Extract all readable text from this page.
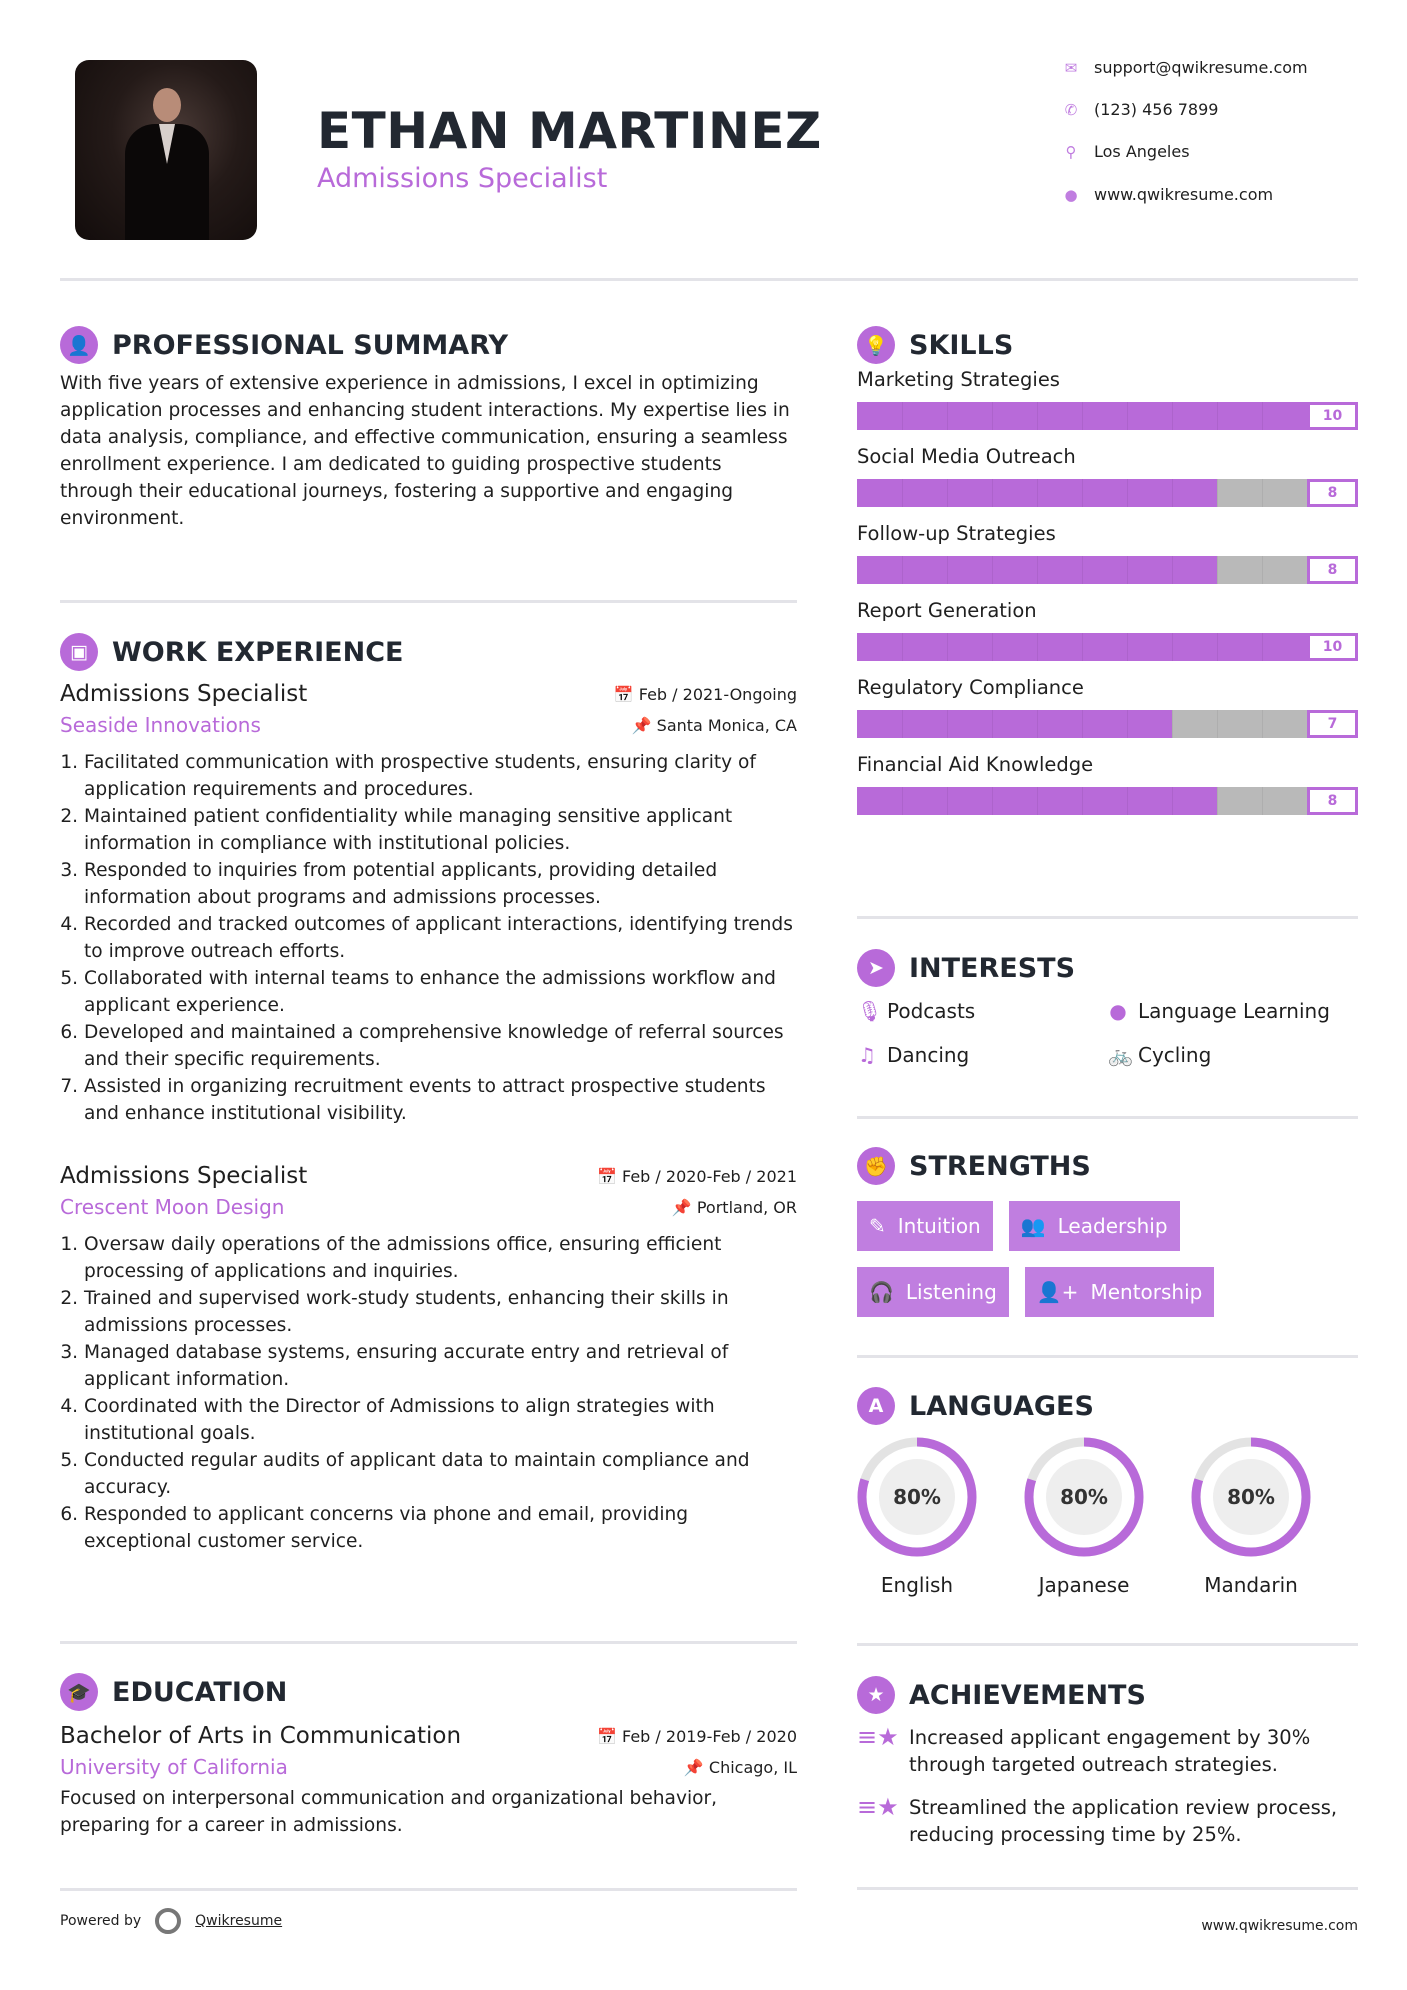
ETHAN MARTINEZ
Admissions Specialist
✉ support@qwikresume.com
✆ (123) 456 7899
⚲ Los Angeles
● www.qwikresume.com
👤 PROFESSIONAL SUMMARY

With five years of extensive experience in admissions, I excel in optimizing application processes and enhancing student interactions. My expertise lies in data analysis, compliance, and effective communication, ensuring a seamless enrollment experience. I am dedicated to guiding prospective students through their educational journeys, fostering a supportive and engaging environment.

▣ WORK EXPERIENCE
Admissions Specialist	📅 Feb / 2021-Ongoing
Seaside Innovations	📌 Santa Monica, CA
1. Facilitated communication with prospective students, ensuring clarity of application requirements and procedures.
2. Maintained patient confidentiality while managing sensitive applicant information in compliance with institutional policies.
3. Responded to inquiries from potential applicants, providing detailed information about programs and admissions processes.
4. Recorded and tracked outcomes of applicant interactions, identifying trends to improve outreach efforts.
5. Collaborated with internal teams to enhance the admissions workflow and applicant experience.
6. Developed and maintained a comprehensive knowledge of referral sources and their specific requirements.
7. Assisted in organizing recruitment events to attract prospective students and enhance institutional visibility.
Admissions Specialist	📅 Feb / 2020-Feb / 2021
Crescent Moon Design	📌 Portland, OR
1. Oversaw daily operations of the admissions office, ensuring efficient processing of applications and inquiries.
2. Trained and supervised work-study students, enhancing their skills in admissions processes.
3. Managed database systems, ensuring accurate entry and retrieval of applicant information.
4. Coordinated with the Director of Admissions to align strategies with institutional goals.
5. Conducted regular audits of applicant data to maintain compliance and accuracy.
6. Responded to applicant concerns via phone and email, providing exceptional customer service.
🎓 EDUCATION
Bachelor of Arts in Communication	📅 Feb / 2019-Feb / 2020
University of California	📌 Chicago, IL

Focused on interpersonal communication and organizational behavior, preparing for a career in admissions.

Powered by	Qwikresume
💡 SKILLS
Marketing Strategies
10
Social Media Outreach
8
Follow-up Strategies
8
Report Generation
10
Regulatory Compliance
7
Financial Aid Knowledge
8
➤ INTERESTS
🎙 Podcasts	● Language Learning
♫ Dancing	🚲 Cycling
✊ STRENGTHS
✎ Intuition 👥 Leadership
🎧 Listening 👤+ Mentorship
A LANGUAGES
80%
English
80%
Japanese
80%
Mandarin
★ ACHIEVEMENTS
≡★ Increased applicant engagement by 30% through targeted outreach strategies.
≡★ Streamlined the application review process, reducing processing time by 25%.
www.qwikresume.com
